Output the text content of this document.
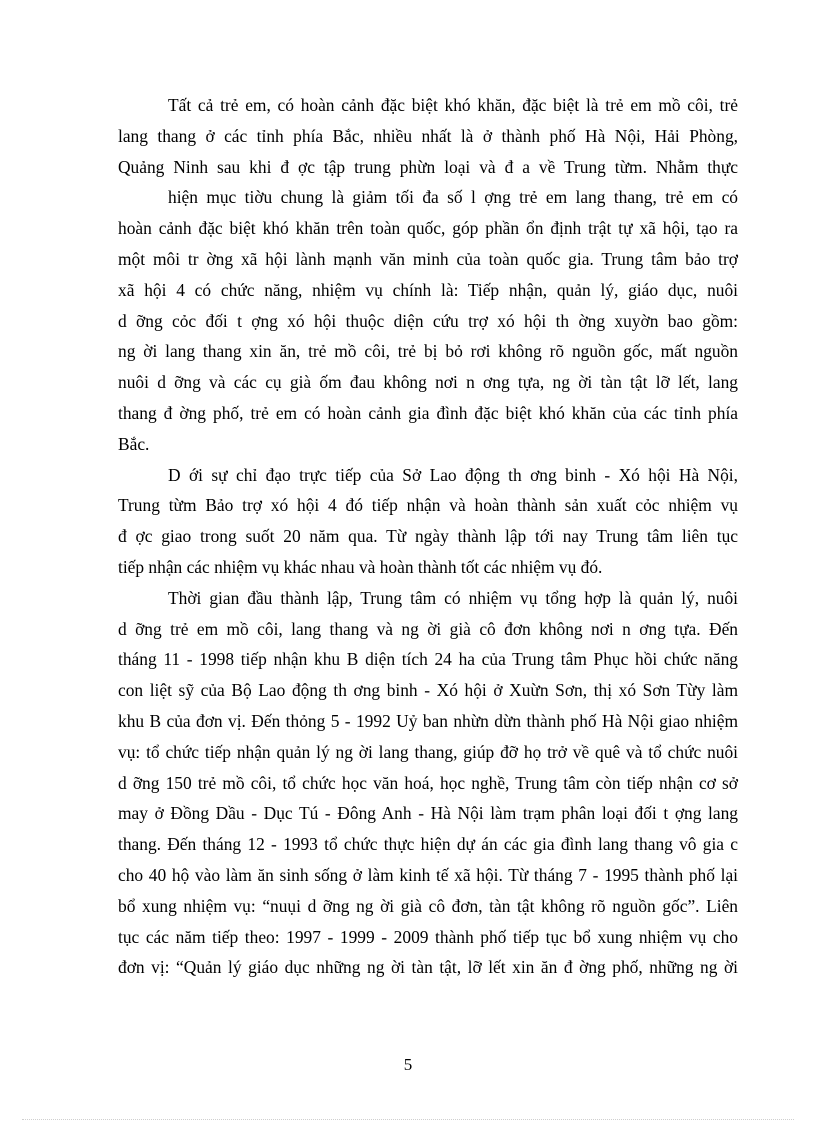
Tất cả trẻ em, có hoàn cảnh đặc biệt khó khăn, đặc biệt là trẻ em mồ côi, trẻ
lang thang ở các tỉnh phía Bắc, nhiều nhất là ở thành phố Hà Nội, Hải Phòng,
Quảng Ninh sau khi đ ợc tập trung phừn loại và đ a về Trung từm. Nhằm thực
hiện mục tiờu chung là giảm tối đa số l ợng trẻ em lang thang, trẻ em có
hoàn cảnh đặc biệt khó khăn trên toàn quốc, góp phần ổn định trật tự xã hội, tạo ra
một môi tr ờng xã hội lành mạnh văn minh của toàn quốc gia. Trung tâm bảo trợ
xã hội 4 có chức năng, nhiệm vụ chính là: Tiếp nhận, quản lý, giáo dục, nuôi
d ỡng cỏc đối t ợng xó hội thuộc diện cứu trợ xó hội th ờng xuyờn bao gồm:
ng ời lang thang xin ăn, trẻ mồ côi, trẻ bị bỏ rơi không rõ nguồn gốc, mất nguồn
nuôi d ỡng và các cụ già ốm đau không nơi n ơng tựa, ng ời tàn tật lỡ lết, lang
thang đ ờng phố, trẻ em có hoàn cảnh gia đình đặc biệt khó khăn của các tỉnh phía
Bắc.
D ới sự chỉ đạo trực tiếp của Sở Lao động th ơng binh - Xó hội Hà Nội,
Trung từm Bảo trợ xó hội 4 đó tiếp nhận và hoàn thành sản xuất cỏc nhiệm vụ
đ ợc giao trong suốt 20 năm qua. Từ ngày thành lập tới nay Trung tâm liên tục
tiếp nhận các nhiệm vụ khác nhau và hoàn thành tốt các nhiệm vụ đó.
Thời gian đầu thành lập, Trung tâm có nhiệm vụ tổng hợp là quản lý, nuôi
d ỡng trẻ em mồ côi, lang thang và ng ời già cô đơn không nơi n ơng tựa. Đến
tháng 11 - 1998 tiếp nhận khu B diện tích 24 ha của Trung tâm Phục hồi chức năng
con liệt sỹ của Bộ Lao động th ơng binh - Xó hội ở Xuừn Sơn, thị xó Sơn Từy làm
khu B của đơn vị. Đến thỏng 5 - 1992 Uỷ ban nhừn dừn thành phố Hà Nội giao nhiệm
vụ: tổ chức tiếp nhận quản lý ng ời lang thang, giúp đỡ họ trở về quê và tổ chức nuôi
d ỡng 150 trẻ mồ côi, tổ chức học văn hoá, học nghề, Trung tâm còn tiếp nhận cơ sở
may ở Đồng Dầu - Dục Tú - Đông Anh - Hà Nội làm trạm phân loại đối t ợng lang
thang. Đến tháng 12 - 1993 tổ chức thực hiện dự án các gia đình lang thang vô gia c
cho 40 hộ vào làm ăn sinh sống ở làm kinh tế xã hội. Từ tháng 7 - 1995 thành phố lại
bổ xung nhiệm vụ: “nuụi d ỡng ng ời già cô đơn, tàn tật không rõ nguồn gốc”. Liên
tục các năm tiếp theo: 1997 - 1999 - 2009 thành phố tiếp tục bổ xung nhiệm vụ cho
đơn vị: “Quản lý giáo dục những ng ời tàn tật, lỡ lết xin ăn đ ờng phố, những ng ời
5
